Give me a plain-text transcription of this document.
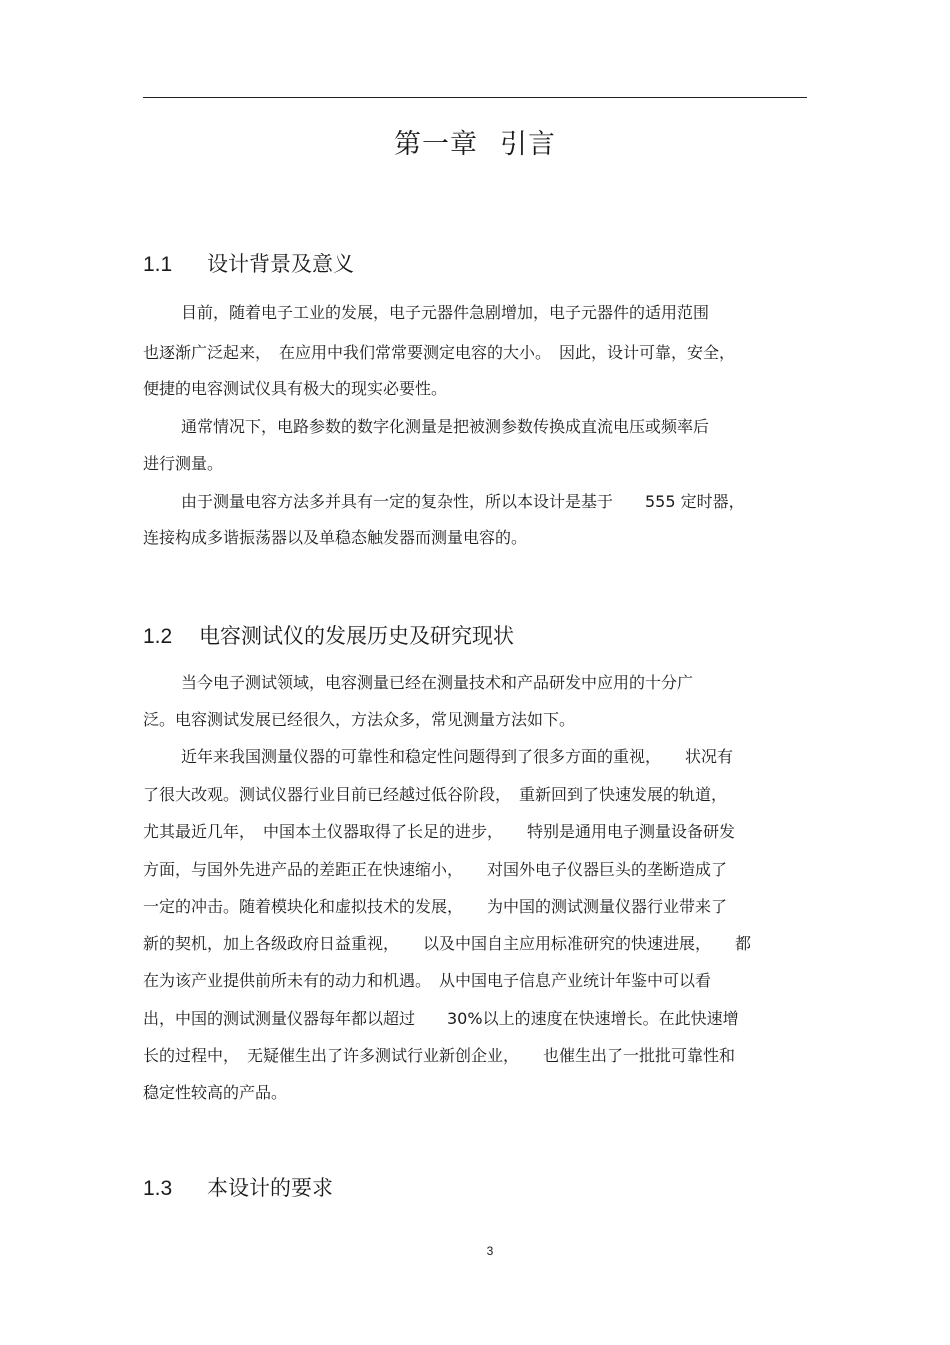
第一章 引言
1.1 设计背景及意义
目前，随着电子工业的发展，电子元器件急剧增加，电子元器件的适用范围
也逐渐广泛起来，　在应用中我们常常要测定电容的大小。　因此，设计可靠，安全，
便捷的电容测试仪具有极大的现实必要性。
通常情况下，电路参数的数字化测量是把被测参数传换成直流电压或频率后
进行测量。
由于测量电容方法多并具有一定的复杂性，所以本设计是基于　　555 定时器，
连接构成多谐振荡器以及单稳态触发器而测量电容的。
1.2 电容测试仪的发展历史及研究现状
当今电子测试领域，电容测量已经在测量技术和产品研发中应用的十分广
泛。电容测试发展已经很久，方法众多，常见测量方法如下。
近年来我国测量仪器的可靠性和稳定性问题得到了很多方面的重视，　　状况有
了很大改观。测试仪器行业目前已经越过低谷阶段，　重新回到了快速发展的轨道，
尤其最近几年，　中国本土仪器取得了长足的进步，　　特别是通用电子测量设备研发
方面，与国外先进产品的差距正在快速缩小，　　对国外电子仪器巨头的垄断造成了
一定的冲击。随着模块化和虚拟技术的发展，　　为中国的测试测量仪器行业带来了
新的契机，加上各级政府日益重视，　　以及中国自主应用标准研究的快速进展，　　都
在为该产业提供前所未有的动力和机遇。　从中国电子信息产业统计年鉴中可以看
出，中国的测试测量仪器每年都以超过　　30%以上的速度在快速增长。在此快速增
长的过程中，　无疑催生出了许多测试行业新创企业，　　也催生出了一批批可靠性和
稳定性较高的产品。
1.3 本设计的要求
3
